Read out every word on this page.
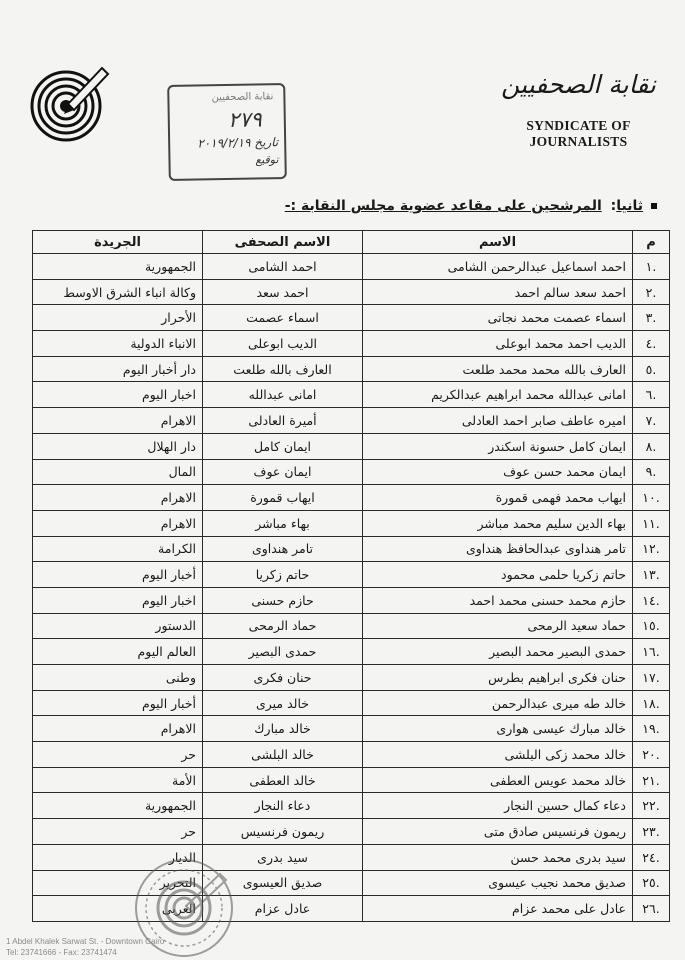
نقابة الصحفيين
٢٧٩
تاريخ ٢٠١٩/٢/١٩
توقيع
نقابة الصحفيين
SYNDICATE OF JOURNALISTS
ثانيا: المرشحين على مقاعد عضوية مجلس النقابة :-
م	الاسم	الاسم الصحفى	الجريدة
.١	احمد اسماعيل عبدالرحمن الشامى	احمد الشامى	الجمهورية
.٢	احمد سعد سالم احمد	احمد سعد	وكالة انباء الشرق الاوسط
.٣	اسماء عصمت محمد نجاتى	اسماء عصمت	الأحرار
.٤	الديب احمد محمد ابوعلى	الديب ابوعلى	الانباء الدولية
.٥	العارف بالله محمد محمد طلعت	العارف بالله طلعت	دار أخبار اليوم
.٦	امانى عبدالله محمد ابراهيم عبدالكريم	امانى عبدالله	اخبار اليوم
.٧	اميره عاطف صابر احمد العادلى	أميرة العادلى	الاهرام
.٨	ايمان كامل حسونة اسكندر	ايمان كامل	دار الهلال
.٩	ايمان محمد حسن عوف	ايمان عوف	المال
.١٠	ايهاب محمد فهمى قمورة	ايهاب قمورة	الاهرام
.١١	بهاء الدين سليم محمد مباشر	بهاء مباشر	الاهرام
.١٢	تامر هنداوى عبدالحافظ هنداوى	تامر هنداوى	الكرامة
.١٣	حاتم زكريا حلمى محمود	حاتم زكريا	أخبار اليوم
.١٤	حازم محمد حسنى محمد احمد	حازم حسنى	اخبار اليوم
.١٥	حماد سعيد الرمحى	حماد الرمحى	الدستور
.١٦	حمدى البصير محمد البصير	حمدى البصير	العالم اليوم
.١٧	حنان فكرى ابراهيم بطرس	حنان فكرى	وطنى
.١٨	خالد طه ميرى عبدالرحمن	خالد ميرى	أخبار اليوم
.١٩	خالد مبارك عيسى هوارى	خالد مبارك	الاهرام
.٢٠	خالد محمد زكى البلشى	خالد البلشى	حر
.٢١	خالد محمد عويس العطفى	خالد العطفى	الأمة
.٢٢	دعاء كمال حسين النجار	دعاء النجار	الجمهورية
.٢٣	ريمون فرنسيس صادق متى	ريمون فرنسيس	حر
.٢٤	سيد بدرى محمد حسن	سيد بدرى	الديار
.٢٥	صديق محمد نجيب عيسوى	صديق العيسوى	التحرير
.٢٦	عادل على محمد عزام	عادل عزام	العربى
1 Abdel Khalek Sarwat St. - Downtown Cairo
Tel: 23741666 - Fax: 23741474
